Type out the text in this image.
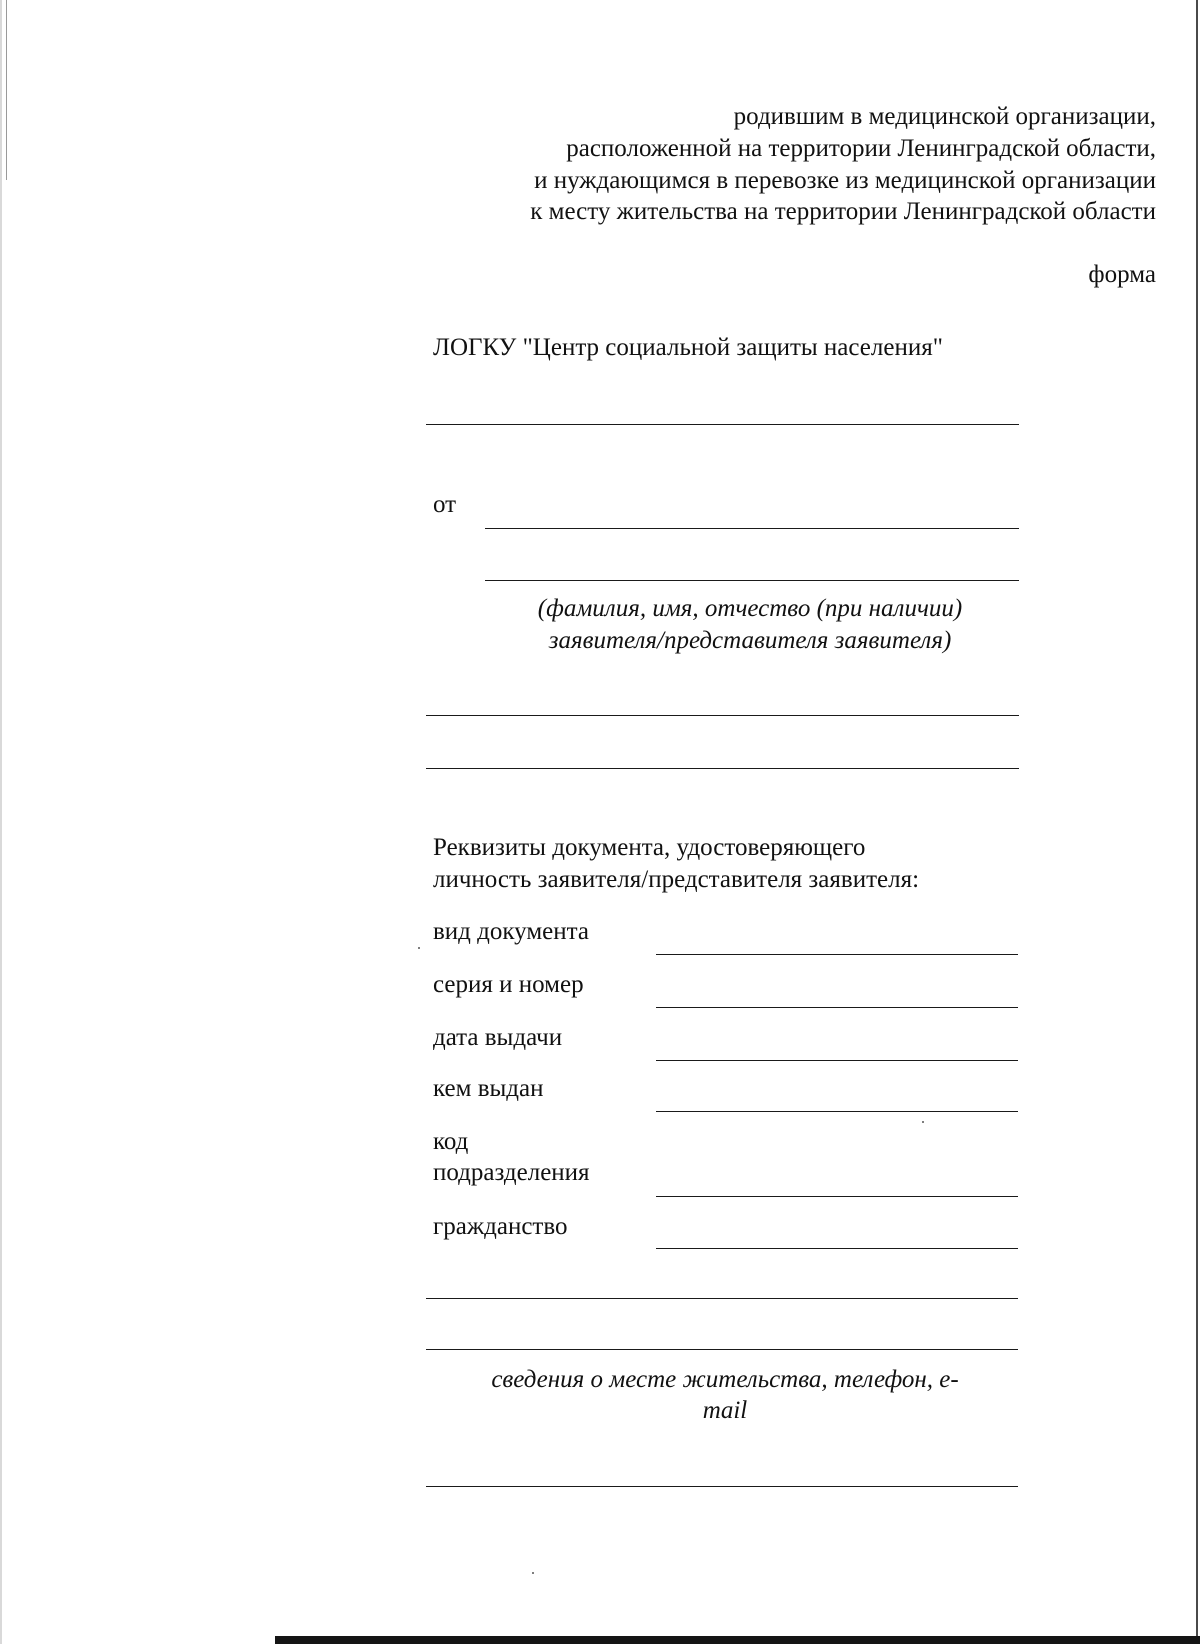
родившим в медицинской организации,
расположенной на территории Ленинградской области,
и нуждающимся в перевозке из медицинской организации
к месту жительства на территории Ленинградской области
форма
ЛОГКУ "Центр социальной защиты населения"
от
(фамилия, имя, отчество (при наличии)
заявителя/представителя заявителя)
Реквизиты документа, удостоверяющего
личность заявителя/представителя заявителя:
вид документа
серия и номер
дата выдачи
кем выдан
код
подразделения
гражданство
сведения о месте жительства, телефон, e-
mail
